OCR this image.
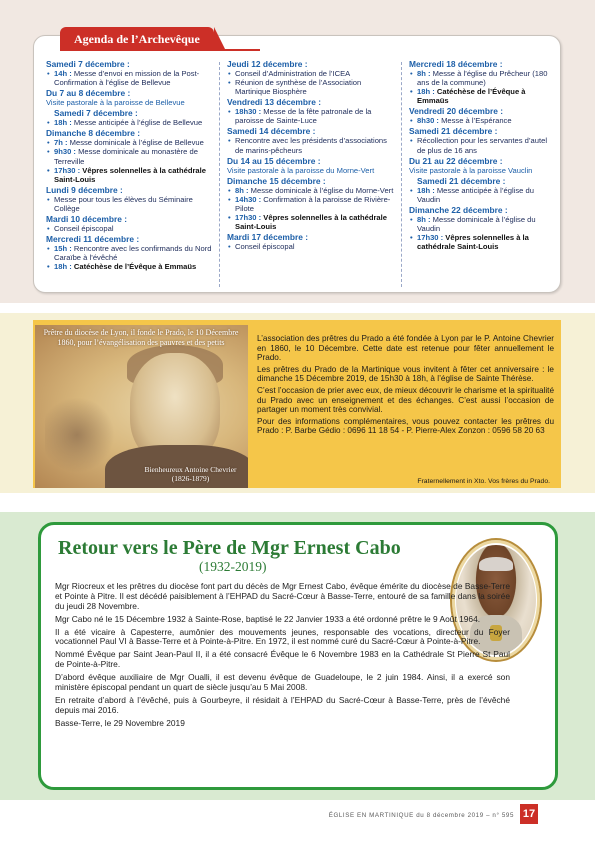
Agenda de l’Archevêque
Samedi 7 décembre :
• 14h : Messe d’envoi en mission de la Post-Confirmation à l’église de Bellevue
Du 7 au 8 décembre :
Visite pastorale à la paroisse de Bellevue
Samedi 7 décembre :
• 18h : Messe anticipée à l’église de Bellevue
Dimanche 8 décembre :
• 7h : Messe dominicale à l’église de Bellevue
• 9h30 : Messe dominicale au monastère de Terreville
• 17h30 : Vêpres solennelles à la cathédrale Saint-Louis
Lundi 9 décembre :
• Messe pour tous les élèves du Séminaire Collège
Mardi 10 décembre :
• Conseil épiscopal
Mercredi 11 décembre :
• 15h : Rencontre avec les confirmands du Nord Caraïbe à l’évêché
• 18h : Catéchèse de l’Évêque à Emmaüs
Jeudi 12 décembre :
• Conseil d’Administration de l’ICEA
• Réunion de synthèse de l’Association Martinique Biosphère
Vendredi 13 décembre :
• 18h30 : Messe de la fête patronale de la paroisse de Sainte-Luce
Samedi 14 décembre :
• Rencontre avec les présidents d’associations de marins-pêcheurs
Du 14 au 15 décembre :
Visite pastorale à la paroisse du Morne-Vert
Dimanche 15 décembre :
• 8h : Messe dominicale à l’église du Morne-Vert
• 14h30 : Confirmation à la paroisse de Rivière-Pilote
• 17h30 : Vêpres solennelles à la cathédrale Saint-Louis
Mardi 17 décembre :
• Conseil épiscopal
Mercredi 18 décembre :
• 8h : Messe à l’église du Prêcheur (180 ans de la commune)
• 18h : Catéchèse de l’Évêque à Emmaüs
Vendredi 20 décembre :
• 8h30 : Messe à l’Espérance
Samedi 21 décembre :
• Récollection pour les servantes d’autel de plus de 16 ans
Du 21 au 22 décembre :
Visite pastorale à la paroisse Vauclin
Samedi 21 décembre :
• 18h : Messe anticipée à l’église du Vaudin
Dimanche 22 décembre :
• 8h : Messe dominicale à l’église du Vaudin
• 17h30 : Vêpres solennelles à la cathédrale Saint-Louis
Prêtre du diocèse de Lyon, il fonde le Prado, le 10 Décembre 1860, pour l’évangélisation des pauvres et des petits
Bienheureux Antoine Chevrier
(1826-1879)

L’association des prêtres du Prado a été fondée à Lyon par le P. Antoine Chevrier en 1860, le 10 Décembre. Cette date est retenue pour fêter annuellement le Prado.

Les prêtres du Prado de la Martinique vous invitent à fêter cet anniversaire : le dimanche 15 Décembre 2019, de 15h30 à 18h, à l’église de Sainte Thérèse.

C’est l’occasion de prier avec eux, de mieux découvrir le charisme et la spiritualité du Prado avec un enseignement et des échanges. C’est aussi l’occasion de partager un moment très convivial.

Pour des informations complémentaires, vous pouvez contacter les prêtres du Prado : P. Barbe Gédio : 0696 11 18 54 - P. Pierre-Alex Zonzon : 0596 58 20 63

Fraternellement in Xto. Vos frères du Prado.
Retour vers le Père de Mgr Ernest Cabo
(1932-2019)

Mgr Riocreux et les prêtres du diocèse font part du décès de Mgr Ernest Cabo, évêque émérite du diocèse de Basse-Terre et Pointe à Pitre. Il est décédé paisiblement à l’EHPAD du Sacré-Cœur à Basse-Terre, entouré de sa famille dans la soirée du jeudi 28 Novembre.

Mgr Cabo né le 15 Décembre 1932 à Sainte-Rose, baptisé le 22 Janvier 1933 a été ordonné prêtre le 9 Août 1964.

Il a été vicaire à Capesterre, aumônier des mouvements jeunes, responsable des vocations, directeur du Foyer vocationnel Paul VI à Basse-Terre et à Pointe-à-Pitre. En 1972, il est nommé curé du Sacré-Cœur à Pointe-à-Pitre.

Nommé Évêque par Saint Jean-Paul II, il a été consacré Évêque le 6 Novembre 1983 en la Cathédrale St Pierre St Paul de Pointe-à-Pitre.

D’abord évêque auxiliaire de Mgr Oualli, il est devenu évêque de Guadeloupe, le 2 juin 1984. Ainsi, il a exercé son ministère épiscopal pendant un quart de siècle jusqu’au 5 Mai 2008.

En retraite d’abord à l’évêché, puis à Gourbeyre, il résidait à l’EHPAD du Sacré-Cœur à Basse-Terre, près de l’évêché depuis mai 2016.

Basse-Terre, le 29 Novembre 2019

ÉGLISE EN MARTINIQUE du 8 décembre 2019 – n° 595 17
